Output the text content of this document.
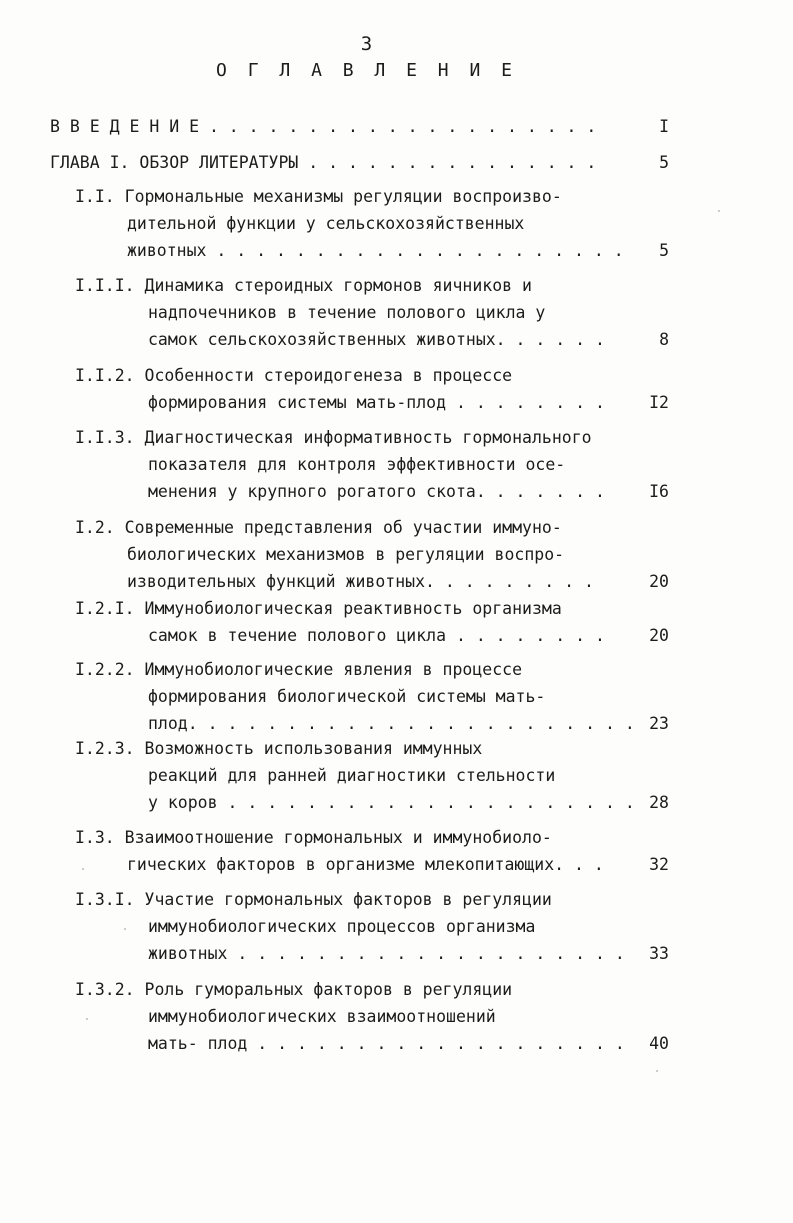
3
О Г Л А В Л Е Н И Е
В В Е Д Е Н И Е . . . . . . . . . . . . . . . . . . . .	I
ГЛАВА I. ОБЗОР ЛИТЕРАТУРЫ . . . . . . . . . . . . . . .	5
I.I. Гормональные механизмы регуляции воспроизво-
дительной функции у сельскохозяйственных
животных . . . . . . . . . . . . . . . . . . . . . 5
I.I.I. Динамика стероидных гормонов яичников и
надпочечников в течение полового цикла у
самок сельскохозяйственных животных. . . . . .	8
I.I.2. Особенности стероидогенеза в процессе
формирования системы мать-плод . . . . . . . .	I2
I.I.3. Диагностическая информативность гормонального
показателя для контроля эффективности осе-
менения у крупного рогатого скота. . . . . . .	I6
I.2. Современные представления об участии иммуно-
биологических механизмов в регуляции воспро-
изводительных функций животных. . . . . . . . .	20
I.2.I. Иммунобиологическая реактивность организма
самок в течение полового цикла . . . . . . . .	20
I.2.2. Иммунобиологические явления в процессе
формирования биологической системы мать-
плод. . . . . . . . . . . . . . . . . . . . . . . 23
I.2.3. Возможность использования иммунных
реакций для ранней диагностики стельности
у коров . . . . . . . . . . . . . . . . . . . . . 28
I.3. Взаимоотношение гормональных и иммунобиоло-
гических факторов в организме млекопитающих. . .	32
I.3.I. Участие гормональных факторов в регуляции
иммунобиологических процессов организма
животных . . . . . . . . . . . . . . . . . . . . 33
I.3.2. Роль гуморальных факторов в регуляции
иммунобиологических взаимоотношений
мать- плод . . . . . . . . . . . . . . . . . . . 40
